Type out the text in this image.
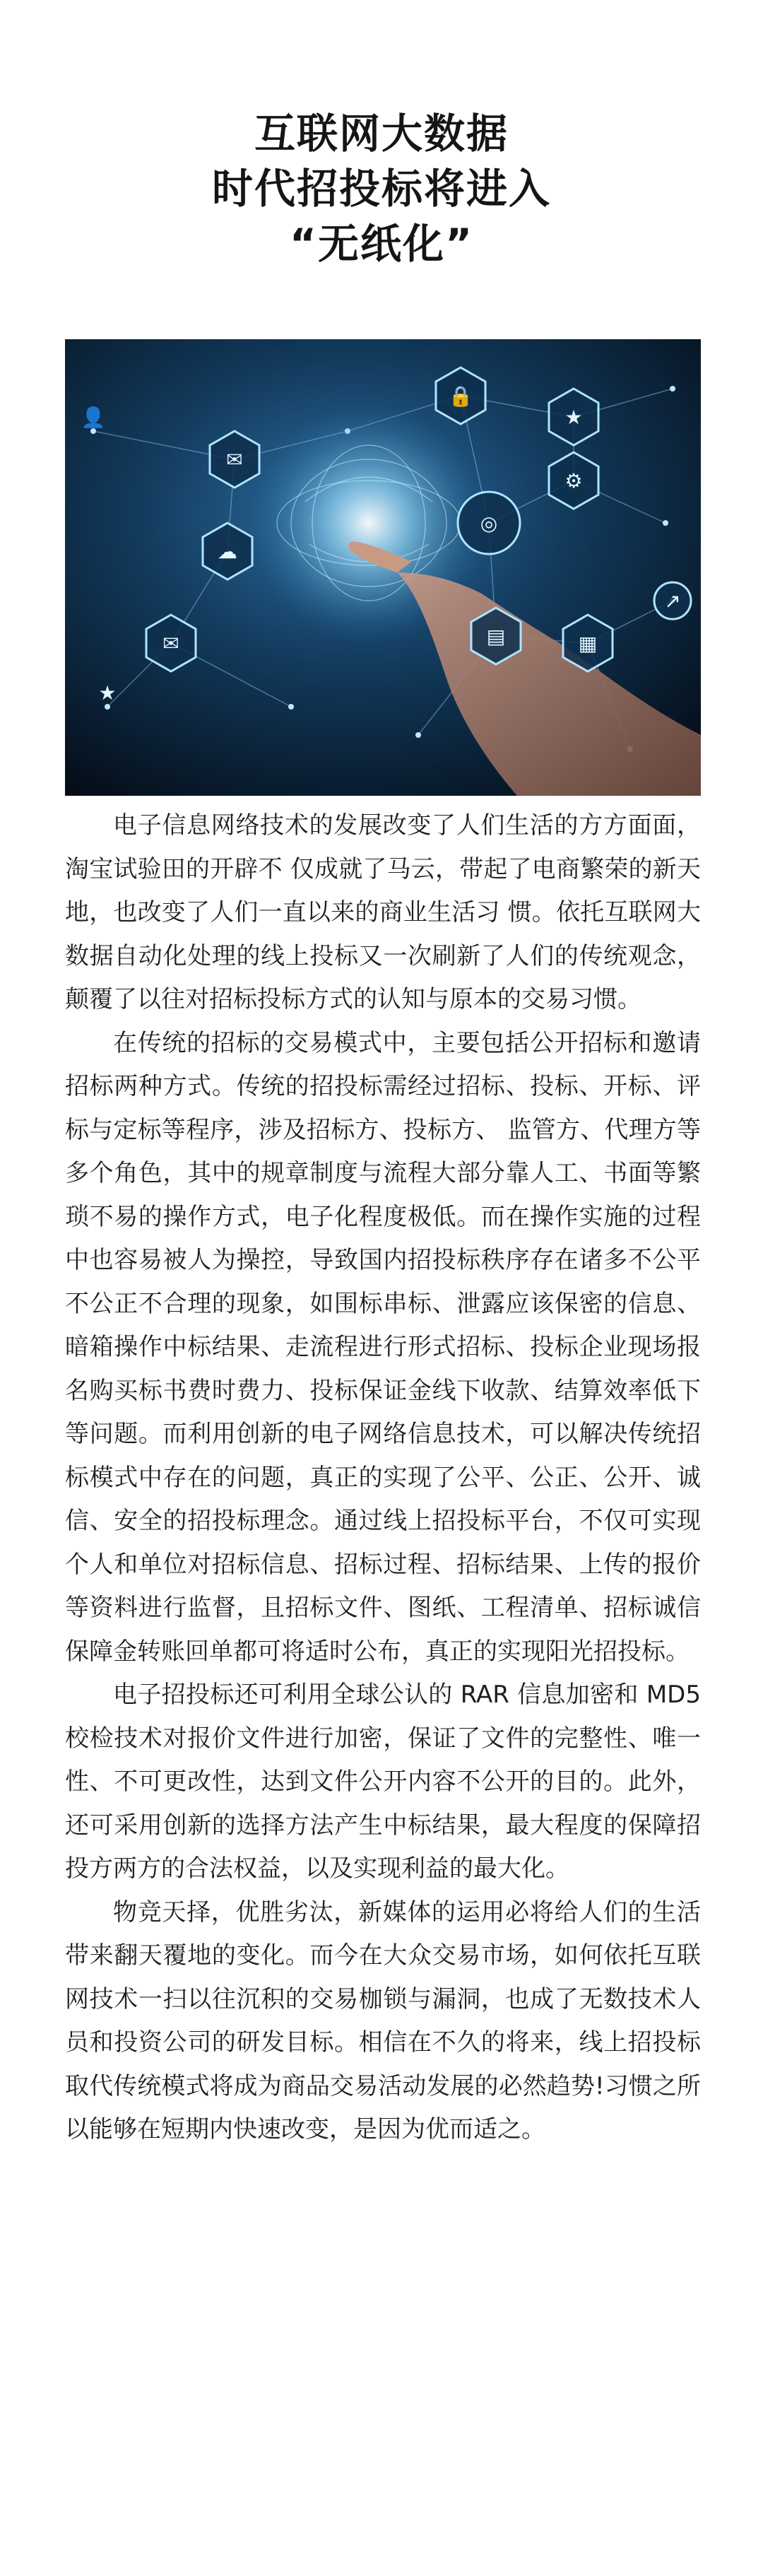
互联网大数据
时代招投标将进入
“无纸化”
✉
🔒
★
⚙
☁
✉	▤	▦
◎
↗
👤
★

电子信息网络技术的发展改变了人们生活的方方面面，淘宝试验田的开辟不 仅成就了马云，带起了电商繁荣的新天地，也改变了人们一直以来的商业生活习 惯。依托互联网大数据自动化处理的线上投标又一次刷新了人们的传统观念， 颠覆了以往对招标投标方式的认知与原本的交易习惯。

在传统的招标的交易模式中，主要包括公开招标和邀请招标两种方式。传统的招投标需经过招标、投标、开标、评标与定标等程序，涉及招标方、投标方、 监管方、代理方等多个角色，其中的规章制度与流程大部分靠人工、书面等繁琐不易的操作方式，电子化程度极低。而在操作实施的过程中也容易被人为操控，导致国内招投标秩序存在诸多不公平不公正不合理的现象，如围标串标、泄露应该保密的信息、暗箱操作中标结果、走流程进行形式招标、投标企业现场报名购买标书费时费力、投标保证金线下收款、结算效率低下等问题。而利用创新的电子网络信息技术，可以解决传统招标模式中存在的问题，真正的实现了公平、公正、公开、诚信、安全的招投标理念。通过线上招投标平台，不仅可实现个人和单位对招标信息、招标过程、招标结果、上传的报价等资料进行监督，且招标文件、图纸、工程清单、招标诚信保障金转账回单都可将适时公布，真正的实现阳光招投标。

电子招投标还可利用全球公认的 RAR 信息加密和 MD5 校检技术对报价文件进行加密，保证了文件的完整性、唯一性、不可更改性，达到文件公开内容不公开的目的。此外，还可采用创新的选择方法产生中标结果，最大程度的保障招投方两方的合法权益，以及实现利益的最大化。

物竞天择，优胜劣汰，新媒体的运用必将给人们的生活带来翻天覆地的变化。而今在大众交易市场，如何依托互联网技术一扫以往沉积的交易枷锁与漏洞，也成了无数技术人员和投资公司的研发目标。相信在不久的将来，线上招投标取代传统模式将成为商品交易活动发展的必然趋势!习惯之所以能够在短期内快速改变，是因为优而适之。
